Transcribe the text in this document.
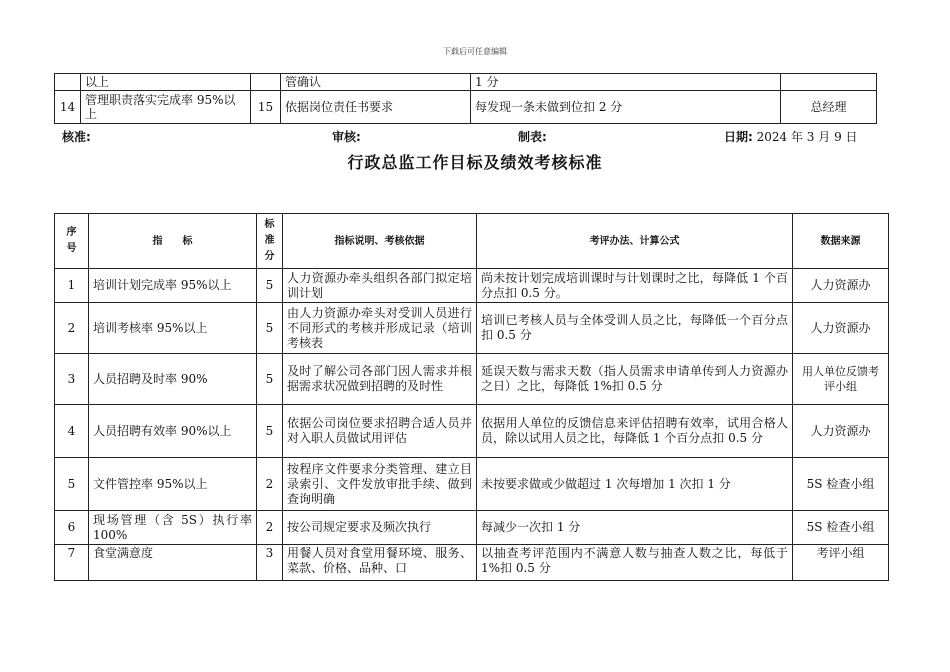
下载后可任意编辑
	以上		管确认	1 分	
14	管理职责落实完成率 95%以上	15	依据岗位责任书要求	每发现一条未做到位扣 2 分	总经理
核准:	审核:	制表:	日期: 2024 年 3 月 9 日
行政总监工作目标及绩效考核标准
序号	指　　标	标准分	指标说明、考核依据	考评办法、计算公式	数据来源
1	培训计划完成率 95%以上	5	人力资源办牵头组织各部门拟定培训计划	尚未按计划完成培训课时与计划课时之比，每降低 1 个百分点扣 0.5 分。	人力资源办
2	培训考核率 95%以上	5	由人力资源办牵头对受训人员进行不同形式的考核并形成记录（培训考核表	培训已考核人员与全体受训人员之比，每降低一个百分点扣 0.5 分	人力资源办
3	人员招聘及时率 90%	5	及时了解公司各部门因人需求并根据需求状况做到招聘的及时性	延误天数与需求天数（指人员需求申请单传到人力资源办之日）之比，每降低 1%扣 0.5 分	用人单位反馈考评小组
4	人员招聘有效率 90%以上	5	依据公司岗位要求招聘合适人员并对入职人员做试用评估	依据用人单位的反馈信息来评估招聘有效率，试用合格人员，除以试用人员之比，每降低 1 个百分点扣 0.5 分	人力资源办
5	文件管控率 95%以上	2	按程序文件要求分类管理、建立目录索引、文件发放审批手续、做到查询明确	未按要求做或少做超过 1 次每增加 1 次扣 1 分	5S 检查小组
6	现场管理（含 5S）执行率 100%	2	按公司规定要求及频次执行	每减少一次扣 1 分	5S 检查小组
7	食堂满意度	3	用餐人员对食堂用餐环境、服务、菜款、价格、品种、口	以抽查考评范围内不满意人数与抽查人数之比，每低于 1%扣 0.5 分	考评小组
